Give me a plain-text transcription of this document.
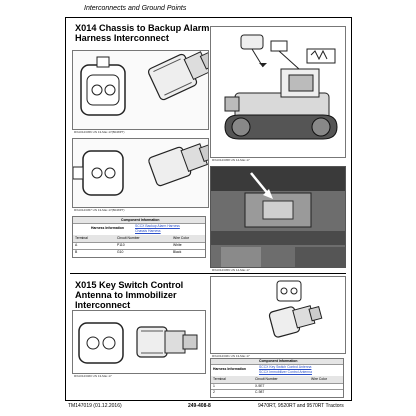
Interconnects and Ground Points
X014 Chassis to Backup Alarm Harness Interconnect
RXA0123456 UN 13-Mar-17(B048PT)
RXA0123457 UN 13-Mar-17(B048PT)
RXA0123458 UN 14-Mar-17
RXA0123459 UN 14-Mar-17
Component Information
Harness Information	SCCX Backup Alarm Harness
Chassis Harness
Terminal	Circuit Number	Wire Color
A	P110	White
B	G10	Black
X015 Key Switch Control Antenna to Immobilizer Interconnect
RXA0123460 UN 13-Mar-17
RXA0123461 UN 13-Mar-17
Component Information
Harness Information	SCCX Key Switch Control Antenna
SCCX Immobilizer Control Antenna
Terminal	Circuit Number	Wire Color
1	X-9E7
2	C-987
TM147019 (01.12.2016)	249-408-8	9470RT, 9520RT and 9570RT Tractors
